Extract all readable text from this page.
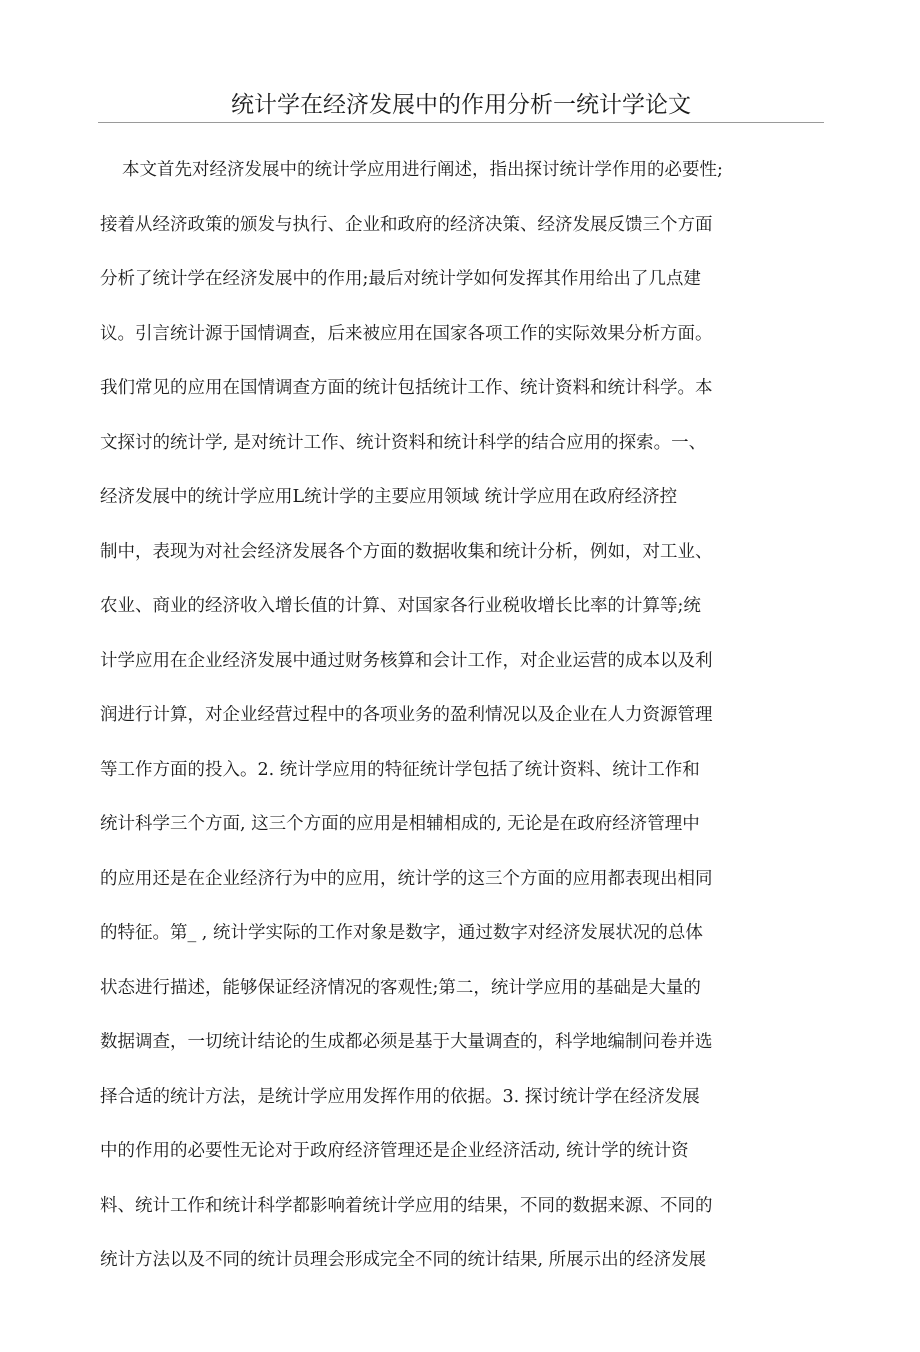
统计学在经济发展中的作用分析一统计学论文
本文首先对经济发展中的统计学应用进行阐述，指出探讨统计学作用的必要性;
接着从经济政策的颁发与执行、企业和政府的经济决策、经济发展反馈三个方面
分析了统计学在经济发展中的作用;最后对统计学如何发挥其作用给出了几点建
议。引言统计源于国情调查，后来被应用在国家各项工作的实际效果分析方面。
我们常见的应用在国情调查方面的统计包括统计工作、统计资料和统计科学。本
文探讨的统计学, 是对统计工作、统计资料和统计科学的结合应用的探索。一、
经济发展中的统计学应用L统计学的主要应用领域 统计学应用在政府经济控
制中，表现为对社会经济发展各个方面的数据收集和统计分析，例如，对工业、
农业、商业的经济收入增长值的计算、对国家各行业税收增长比率的计算等;统
计学应用在企业经济发展中通过财务核算和会计工作，对企业运营的成本以及利
润进行计算，对企业经营过程中的各项业务的盈利情况以及企业在人力资源管理
等工作方面的投入。2. 统计学应用的特征统计学包括了统计资料、统计工作和
统计科学三个方面, 这三个方面的应用是相辅相成的, 无论是在政府经济管理中
的应用还是在企业经济行为中的应用，统计学的这三个方面的应用都表现出相同
的特征。第_ , 统计学实际的工作对象是数字，通过数字对经济发展状况的总体
状态进行描述，能够保证经济情况的客观性;第二，统计学应用的基础是大量的
数据调查，一切统计结论的生成都必须是基于大量调查的，科学地编制问卷并选
择合适的统计方法，是统计学应用发挥作用的依据。3. 探讨统计学在经济发展
中的作用的必要性无论对于政府经济管理还是企业经济活动, 统计学的统计资
料、统计工作和统计科学都影响着统计学应用的结果，不同的数据来源、不同的
统计方法以及不同的统计员理会形成完全不同的统计结果, 所展示出的经济发展
